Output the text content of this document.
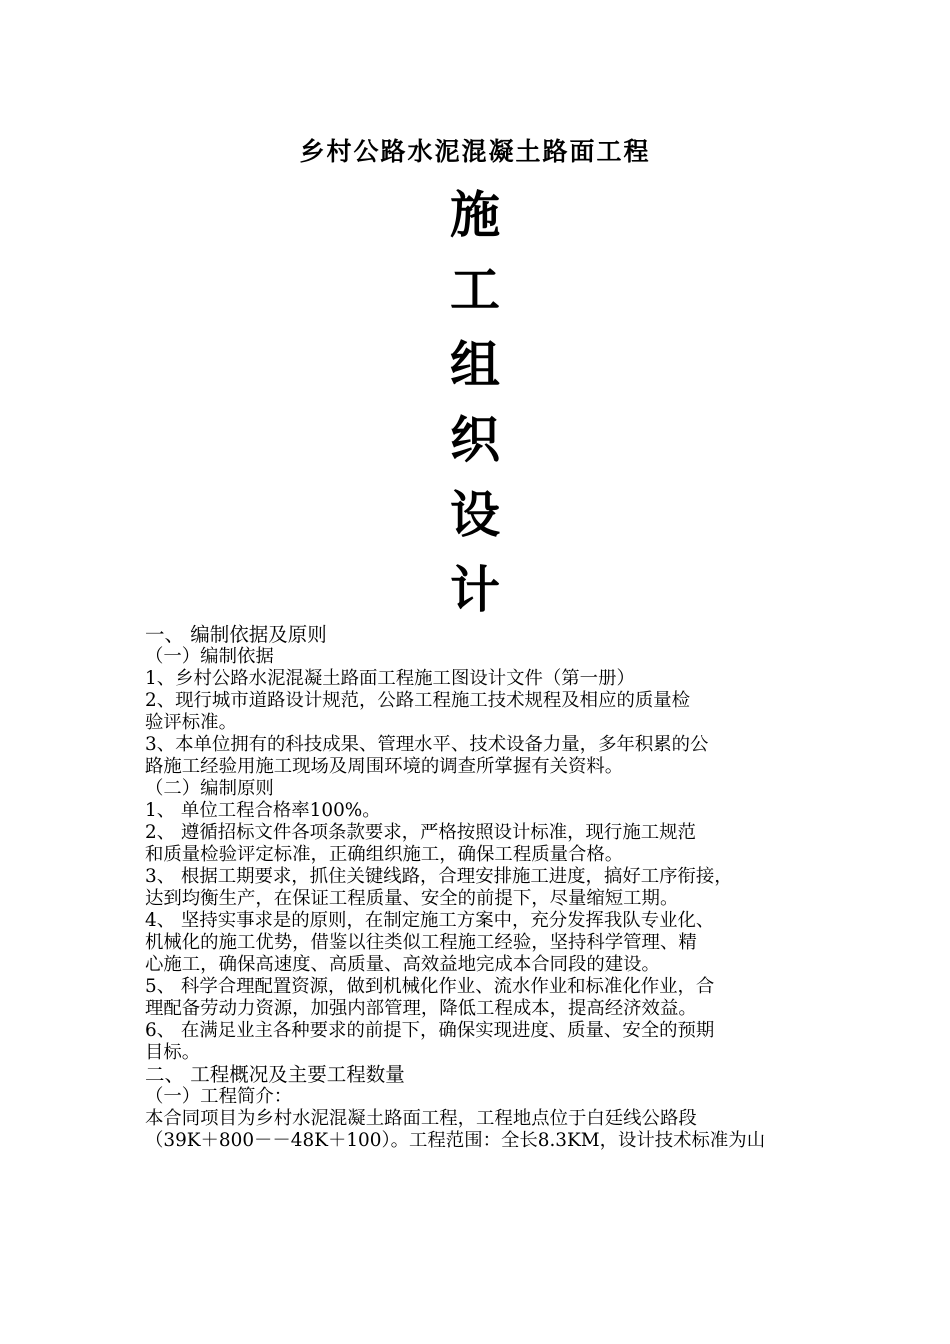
乡村公路水泥混凝土路面工程
施
工
组
织
设
计

一、 编制依据及原则

（一）编制依据

1、乡村公路水泥混凝土路面工程施工图设计文件（第一册）

2、现行城市道路设计规范，公路工程施工技术规程及相应的质量检

验评标准。

3、本单位拥有的科技成果、管理水平、技术设备力量，多年积累的公

路施工经验用施工现场及周围环境的调查所掌握有关资料。

（二）编制原则

1、 单位工程合格率100%。

2、 遵循招标文件各项条款要求，严格按照设计标准，现行施工规范

和质量检验评定标准，正确组织施工，确保工程质量合格。

3、 根据工期要求，抓住关键线路，合理安排施工进度，搞好工序衔接，

达到均衡生产，在保证工程质量、安全的前提下，尽量缩短工期。

4、 坚持实事求是的原则，在制定施工方案中，充分发挥我队专业化、

机械化的施工优势，借鉴以往类似工程施工经验，坚持科学管理、精

心施工，确保高速度、高质量、高效益地完成本合同段的建设。

5、 科学合理配置资源，做到机械化作业、流水作业和标准化作业，合

理配备劳动力资源，加强内部管理，降低工程成本，提高经济效益。

6、 在满足业主各种要求的前提下，确保实现进度、质量、安全的预期

目标。

二、 工程概况及主要工程数量

（一）工程简介：

本合同项目为乡村水泥混凝土路面工程，工程地点位于白廷线公路段

（39K＋800－－48K＋100）。工程范围：全长8.3KM，设计技术标准为山
